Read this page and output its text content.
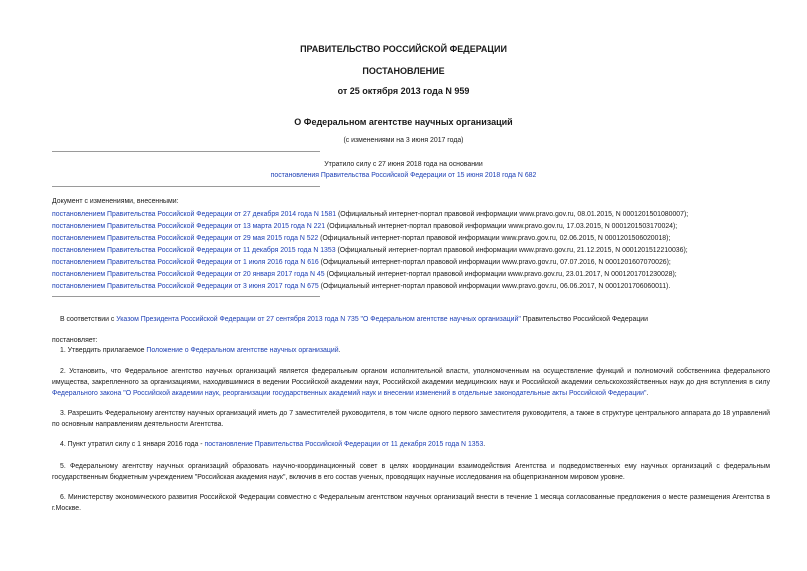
ПРАВИТЕЛЬСТВО РОССИЙСКОЙ ФЕДЕРАЦИИ
ПОСТАНОВЛЕНИЕ
от 25 октября 2013 года N 959
О Федеральном агентстве научных организаций
(с изменениями на 3 июня 2017 года)
Утратило силу с 27 июня 2018 года на основании
постановления Правительства Российской Федерации от 15 июня 2018 года N 682
Документ с изменениями, внесенными:
постановлением Правительства Российской Федерации от 27 декабря 2014 года N 1581 (Официальный интернет-портал правовой информации www.pravo.gov.ru, 08.01.2015, N 0001201501080007);
постановлением Правительства Российской Федерации от 13 марта 2015 года N 221 (Официальный интернет-портал правовой информации www.pravo.gov.ru, 17.03.2015, N 0001201503170024);
постановлением Правительства Российской Федерации от 29 мая 2015 года N 522 (Официальный интернет-портал правовой информации www.pravo.gov.ru, 02.06.2015, N 0001201506020018);
постановлением Правительства Российской Федерации от 11 декабря 2015 года N 1353 (Официальный интернет-портал правовой информации www.pravo.gov.ru, 21.12.2015, N 0001201512210036);
постановлением Правительства Российской Федерации от 1 июля 2016 года N 616 (Официальный интернет-портал правовой информации www.pravo.gov.ru, 07.07.2016, N 0001201607070026);
постановлением Правительства Российской Федерации от 20 января 2017 года N 45 (Официальный интернет-портал правовой информации www.pravo.gov.ru, 23.01.2017, N 0001201701230028);
постановлением Правительства Российской Федерации от 3 июня 2017 года N 675 (Официальный интернет-портал правовой информации www.pravo.gov.ru, 06.06.2017, N 0001201706060011).
В соответствии с Указом Президента Российской Федерации от 27 сентября 2013 года N 735 "О Федеральном агентстве научных организаций" Правительство Российской Федерации
постановляет:
1. Утвердить прилагаемое Положение о Федеральном агентстве научных организаций.
2. Установить, что Федеральное агентство научных организаций является федеральным органом исполнительной власти, уполномоченным на осуществление функций и полномочий собственника федерального имущества, закрепленного за организациями, находившимися в ведении Российской академии наук, Российской академии медицинских наук и Российской академии сельскохозяйственных наук до дня вступления в силу Федерального закона "О Российской академии наук, реорганизации государственных академий наук и внесении изменений в отдельные законодательные акты Российской Федерации".
3. Разрешить Федеральному агентству научных организаций иметь до 7 заместителей руководителя, в том числе одного первого заместителя руководителя, а также в структуре центрального аппарата до 18 управлений по основным направлениям деятельности Агентства.
4. Пункт утратил силу с 1 января 2016 года - постановление Правительства Российской Федерации от 11 декабря 2015 года N 1353.
5. Федеральному агентству научных организаций образовать научно-координационный совет в целях координации взаимодействия Агентства и подведомственных ему научных организаций с федеральным государственным бюджетным учреждением "Российская академия наук", включив в его состав ученых, проводящих научные исследования на общепризнанном мировом уровне.
6. Министерству экономического развития Российской Федерации совместно с Федеральным агентством научных организаций внести в течение 1 месяца согласованные предложения о месте размещения Агентства в г.Москве.
